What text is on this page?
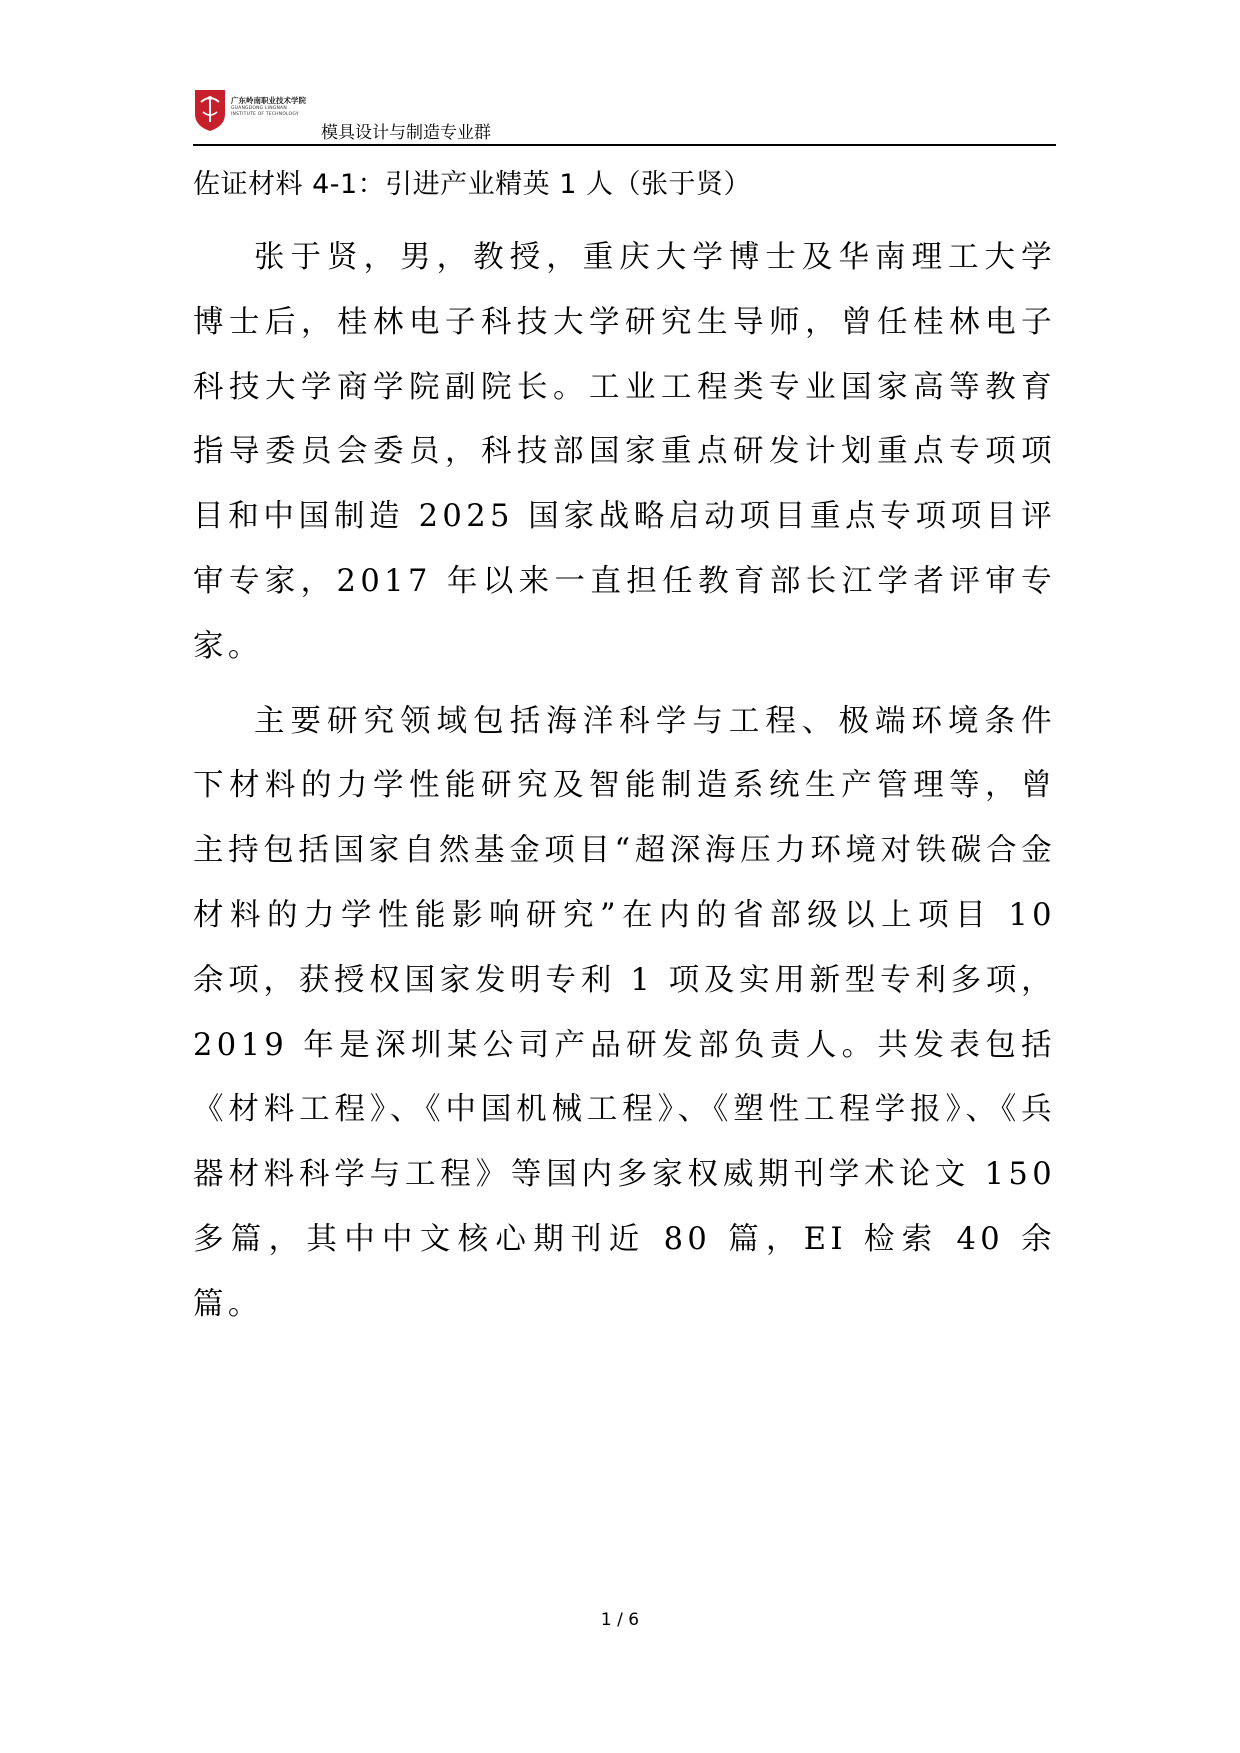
广东岭南职业技术学院
GUANGDONG LINGNAN INSTITUTE OF TECHNOLOGY
模具设计与制造专业群
佐证材料 4-1：引进产业精英 1 人（张于贤）

张于贤，男，教授，重庆大学博士及华南理工大学博士后，桂林电子科技大学研究生导师，曾任桂林电子科技大学商学院副院长。工业工程类专业国家高等教育指导委员会委员，科技部国家重点研发计划重点专项项目和中国制造 2025 国家战略启动项目重点专项项目评审专家，2017 年以来一直担任教育部长江学者评审专家。

主要研究领域包括海洋科学与工程、极端环境条件下材料的力学性能研究及智能制造系统生产管理等，曾主持包括国家自然基金项目“超深海压力环境对铁碳合金材料的力学性能影响研究”在内的省部级以上项目 10 余项，获授权国家发明专利 1 项及实用新型专利多项，2019 年是深圳某公司产品研发部负责人。共发表包括《材料工程》、《中国机械工程》、《塑性工程学报》、《兵器材料科学与工程》等国内多家权威期刊学术论文 150 多篇，其中中文核心期刊近 80 篇，EI 检索 40 余篇。

1 / 6
